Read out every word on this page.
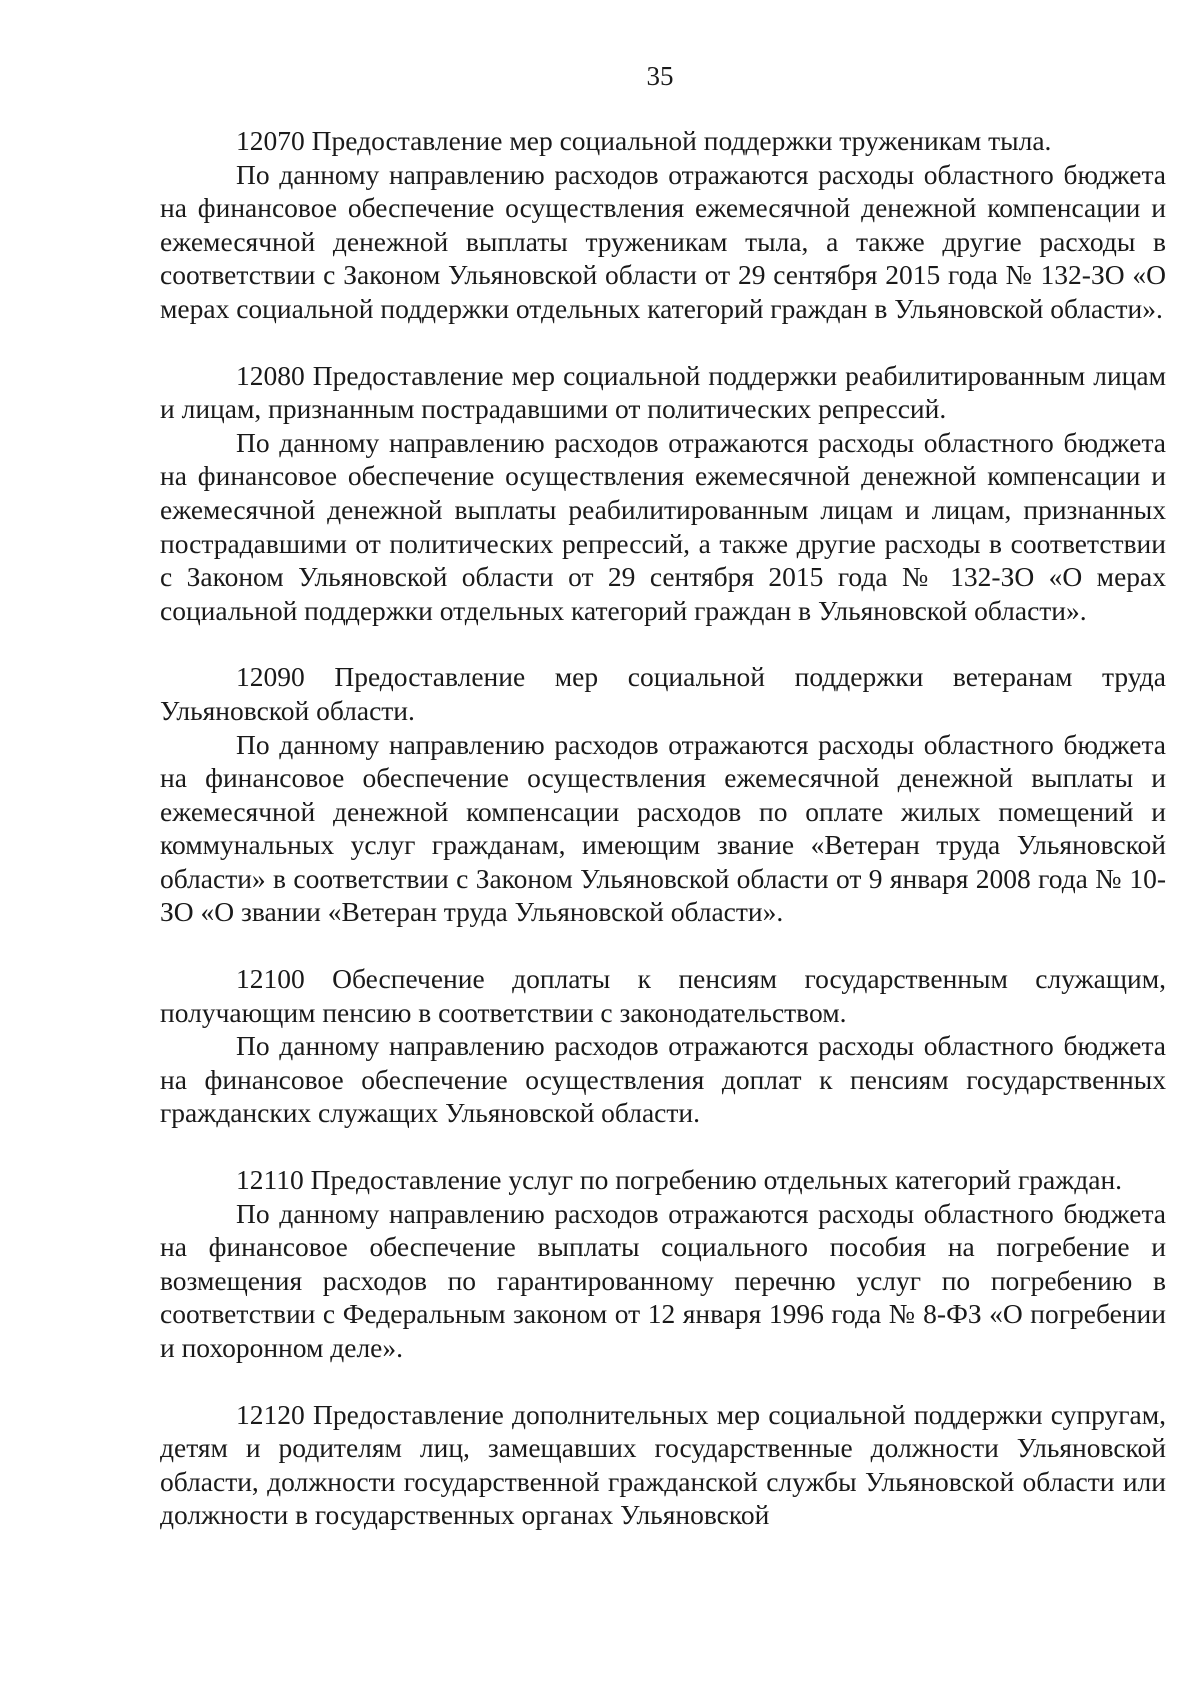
35

12070 Предоставление мер социальной поддержки труженикам тыла.

По данному направлению расходов отражаются расходы областного бюджета на финансовое обеспечение осуществления ежемесячной денежной компенсации и ежемесячной денежной выплаты труженикам тыла, а также другие расходы в соответствии с Законом Ульяновской области от 29 сентября 2015 года № 132-ЗО «О мерах социальной поддержки отдельных категорий граждан в Ульяновской области».

12080 Предоставление мер социальной поддержки реабилитированным лицам и лицам, признанным пострадавшими от политических репрессий.

По данному направлению расходов отражаются расходы областного бюджета на финансовое обеспечение осуществления ежемесячной денежной компенсации и ежемесячной денежной выплаты реабилитированным лицам и лицам, признанных пострадавшими от политических репрессий, а также другие расходы в соответствии с Законом Ульяновской области от 29 сентября 2015 года № 132-ЗО «О мерах социальной поддержки отдельных категорий граждан в Ульяновской области».

12090 Предоставление мер социальной поддержки ветеранам труда Ульяновской области.

По данному направлению расходов отражаются расходы областного бюджета на финансовое обеспечение осуществления ежемесячной денежной выплаты и ежемесячной денежной компенсации расходов по оплате жилых помещений и коммунальных услуг гражданам, имеющим звание «Ветеран труда Ульяновской области» в соответствии с Законом Ульяновской области от 9 января 2008 года № 10-ЗО «О звании «Ветеран труда Ульяновской области».

12100 Обеспечение доплаты к пенсиям государственным служащим, получающим пенсию в соответствии с законодательством.

По данному направлению расходов отражаются расходы областного бюджета на финансовое обеспечение осуществления доплат к пенсиям государственных гражданских служащих Ульяновской области.

12110 Предоставление услуг по погребению отдельных категорий граждан.

По данному направлению расходов отражаются расходы областного бюджета на финансовое обеспечение выплаты социального пособия на погребение и возмещения расходов по гарантированному перечню услуг по погребению в соответствии с Федеральным законом от 12 января 1996 года № 8-ФЗ «О погребении и похоронном деле».

12120 Предоставление дополнительных мер социальной поддержки супругам, детям и родителям лиц, замещавших государственные должности Ульяновской области, должности государственной гражданской службы Ульяновской области или должности в государственных органах Ульяновской
